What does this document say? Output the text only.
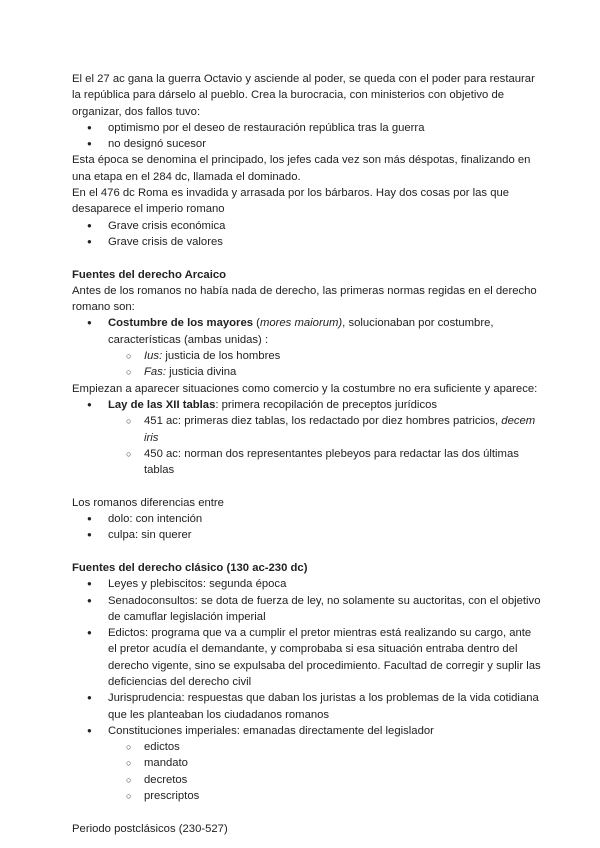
El el 27 ac gana la guerra Octavio y asciende al poder, se queda con el poder para restaurar la república para dárselo al pueblo. Crea la burocracia, con ministerios con objetivo de organizar, dos fallos tuvo:

● optimismo por el deseo de restauración república tras la guerra
● no designó sucesor

Esta época se denomina el principado, los jefes cada vez son más déspotas, finalizando en una etapa en el 284 dc, llamada el dominado.

En el 476 dc Roma es invadida y arrasada por los bárbaros. Hay dos cosas por las que desaparece el imperio romano

● Grave crisis económica
● Grave crisis de valores

Fuentes del derecho Arcaico

Antes de los romanos no había nada de derecho, las primeras normas regidas en el derecho romano son:

● Costumbre de los mayores (mores maiorum), solucionaban por costumbre, características (ambas unidas) :
○ Ius: justicia de los hombres
○ Fas: justicia divina

Empiezan a aparecer situaciones como comercio y la costumbre no era suficiente y aparece:

● Lay de las XII tablas: primera recopilación de preceptos jurídicos
○ 451 ac: primeras diez tablas, los redactado por diez hombres patricios, decem iris
○ 450 ac: norman dos representantes plebeyos para redactar las dos últimas tablas

Los romanos diferencias entre

● dolo: con intención
● culpa: sin querer

Fuentes del derecho clásico (130 ac-230 dc)

● Leyes y plebiscitos: segunda época
● Senadoconsultos: se dota de fuerza de ley, no solamente su auctoritas, con el objetivo de camuflar legislación imperial
● Edictos: programa que va a cumplir el pretor mientras está realizando su cargo, ante el pretor acudía el demandante, y comprobaba si esa situación entraba dentro del derecho vigente, sino se expulsaba del procedimiento. Facultad de corregir y suplir las deficiencias del derecho civil
● Jurisprudencia: respuestas que daban los juristas a los problemas de la vida cotidiana que les planteaban los ciudadanos romanos
● Constituciones imperiales: emanadas directamente del legislador
○ edictos
○ mandato
○ decretos
○ prescriptos

Periodo postclásicos (230-527)
